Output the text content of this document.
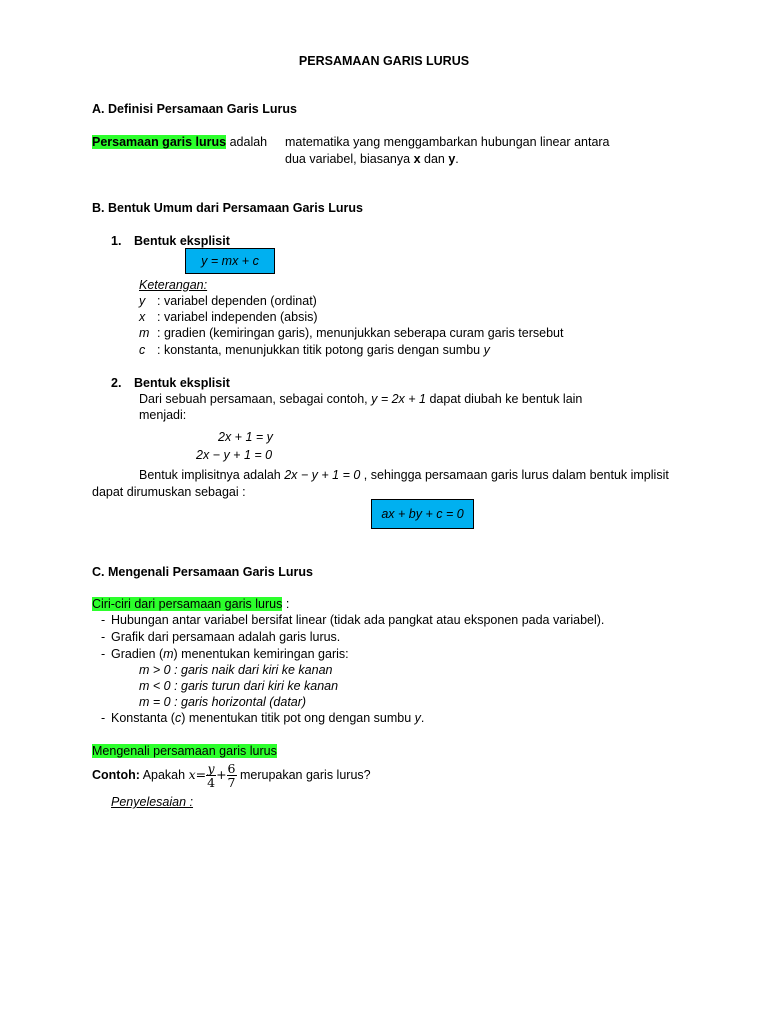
PERSAMAAN GARIS LURUS
A. Definisi Persamaan Garis Lurus
Persamaan garis lurus adalah matematika yang menggambarkan hubungan linear antara
dua variabel, biasanya x dan y.
B. Bentuk Umum dari Persamaan Garis Lurus
1. Bentuk eksplisit
y = mx + c
Keterangan:
y : variabel dependen (ordinat)
x : variabel independen (absis)
m : gradien (kemiringan garis), menunjukkan seberapa curam garis tersebut
c : konstanta, menunjukkan titik potong garis dengan sumbu y
2. Bentuk eksplisit
Dari sebuah persamaan, sebagai contoh, y = 2x + 1 dapat diubah ke bentuk lain
menjadi:
2x + 1 = y
2x − y + 1 = 0
Bentuk implisitnya adalah 2x − y + 1 = 0 , sehingga persamaan garis lurus dalam bentuk implisit
dapat dirumuskan sebagai :
ax + by + c = 0
C. Mengenali Persamaan Garis Lurus
Ciri-ciri dari persamaan garis lurus :
- Hubungan antar variabel bersifat linear (tidak ada pangkat atau eksponen pada variabel).
- Grafik dari persamaan adalah garis lurus.
- Gradien (m) menentukan kemiringan garis:
m > 0 : garis naik dari kiri ke kanan
m < 0 : garis turun dari kiri ke kanan
m = 0 : garis horizontal (datar)
- Konstanta (c) menentukan titik pot ong dengan sumbu y.
Mengenali persamaan garis lurus
Contoh: Apakah $x= \frac{y}{4} + \frac{6}{7}$ merupakan garis lurus?
Penyelesaian :
